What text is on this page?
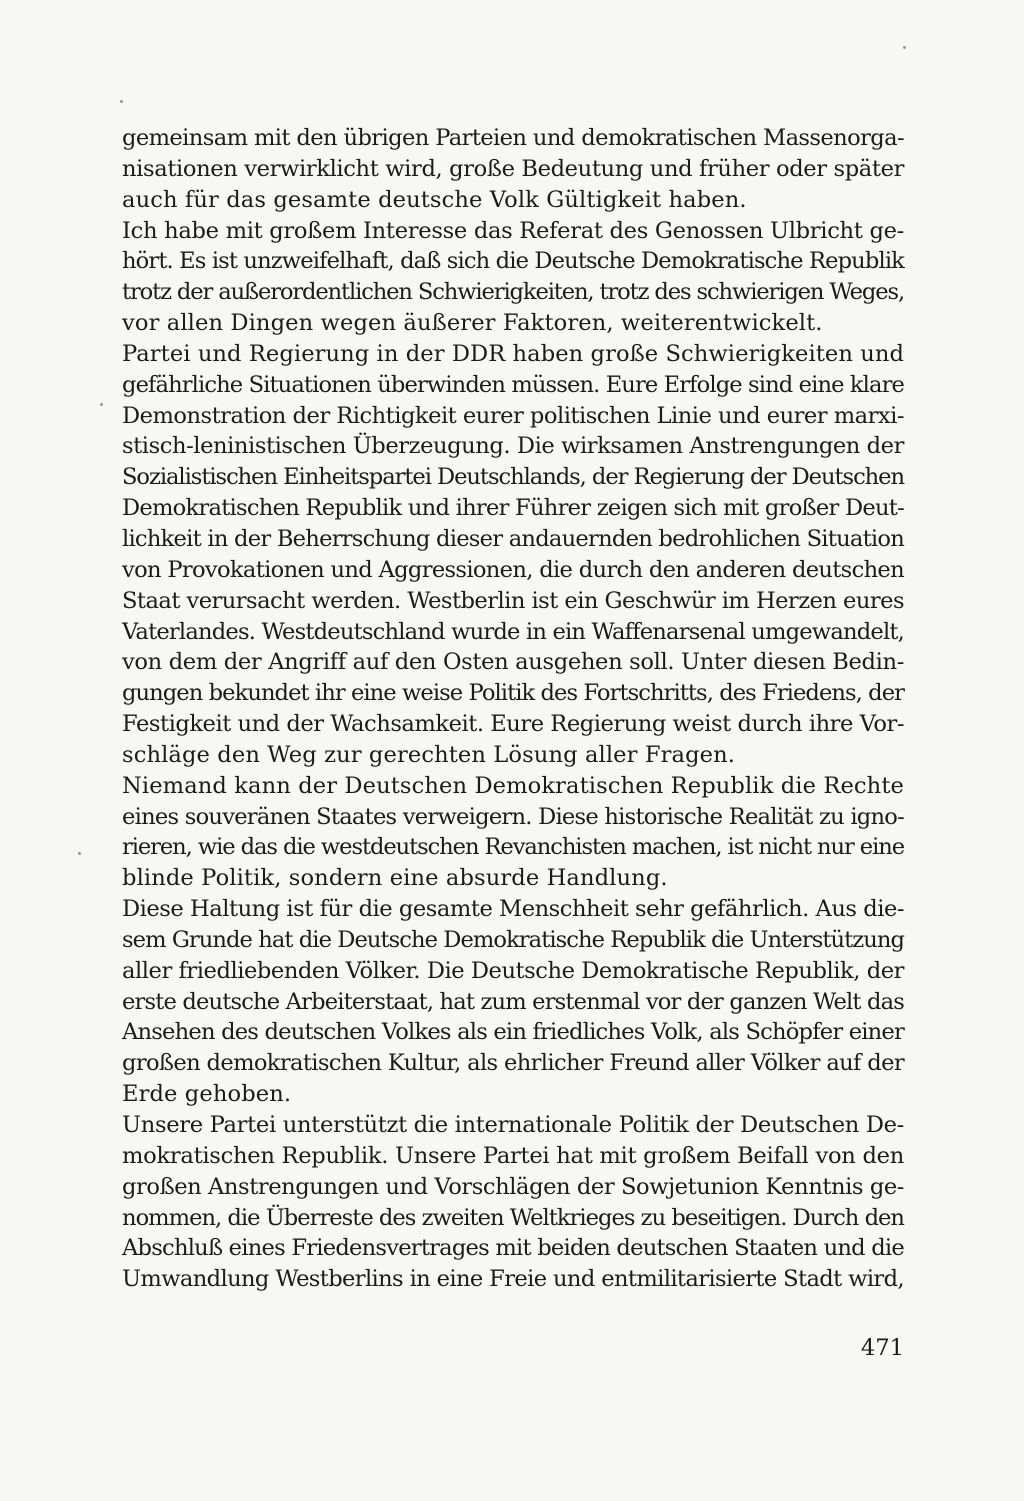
gemeinsam mit den übrigen Parteien und demokratischen Massenorga-
nisationen verwirklicht wird, große Bedeutung und früher oder später
auch für das gesamte deutsche Volk Gültigkeit haben.
Ich habe mit großem Interesse das Referat des Genossen Ulbricht ge-
hört. Es ist unzweifelhaft, daß sich die Deutsche Demokratische Republik
trotz der außerordentlichen Schwierigkeiten, trotz des schwierigen Weges,
vor allen Dingen wegen äußerer Faktoren, weiterentwickelt.
Partei und Regierung in der DDR haben große Schwierigkeiten und
gefährliche Situationen überwinden müssen. Eure Erfolge sind eine klare
Demonstration der Richtigkeit eurer politischen Linie und eurer marxi-
stisch-leninistischen Überzeugung. Die wirksamen Anstrengungen der
Sozialistischen Einheitspartei Deutschlands, der Regierung der Deutschen
Demokratischen Republik und ihrer Führer zeigen sich mit großer Deut-
lichkeit in der Beherrschung dieser andauernden bedrohlichen Situation
von Provokationen und Aggressionen, die durch den anderen deutschen
Staat verursacht werden. Westberlin ist ein Geschwür im Herzen eures
Vaterlandes. Westdeutschland wurde in ein Waffenarsenal umgewandelt,
von dem der Angriff auf den Osten ausgehen soll. Unter diesen Bedin-
gungen bekundet ihr eine weise Politik des Fortschritts, des Friedens, der
Festigkeit und der Wachsamkeit. Eure Regierung weist durch ihre Vor-
schläge den Weg zur gerechten Lösung aller Fragen.
Niemand kann der Deutschen Demokratischen Republik die Rechte
eines souveränen Staates verweigern. Diese historische Realität zu igno-
rieren, wie das die westdeutschen Revanchisten machen, ist nicht nur eine
blinde Politik, sondern eine absurde Handlung.
Diese Haltung ist für die gesamte Menschheit sehr gefährlich. Aus die-
sem Grunde hat die Deutsche Demokratische Republik die Unterstützung
aller friedliebenden Völker. Die Deutsche Demokratische Republik, der
erste deutsche Arbeiterstaat, hat zum erstenmal vor der ganzen Welt das
Ansehen des deutschen Volkes als ein friedliches Volk, als Schöpfer einer
großen demokratischen Kultur, als ehrlicher Freund aller Völker auf der
Erde gehoben.
Unsere Partei unterstützt die internationale Politik der Deutschen De-
mokratischen Republik. Unsere Partei hat mit großem Beifall von den
großen Anstrengungen und Vorschlägen der Sowjetunion Kenntnis ge-
nommen, die Überreste des zweiten Weltkrieges zu beseitigen. Durch den
Abschluß eines Friedensvertrages mit beiden deutschen Staaten und die
Umwandlung Westberlins in eine Freie und entmilitarisierte Stadt wird,
471
